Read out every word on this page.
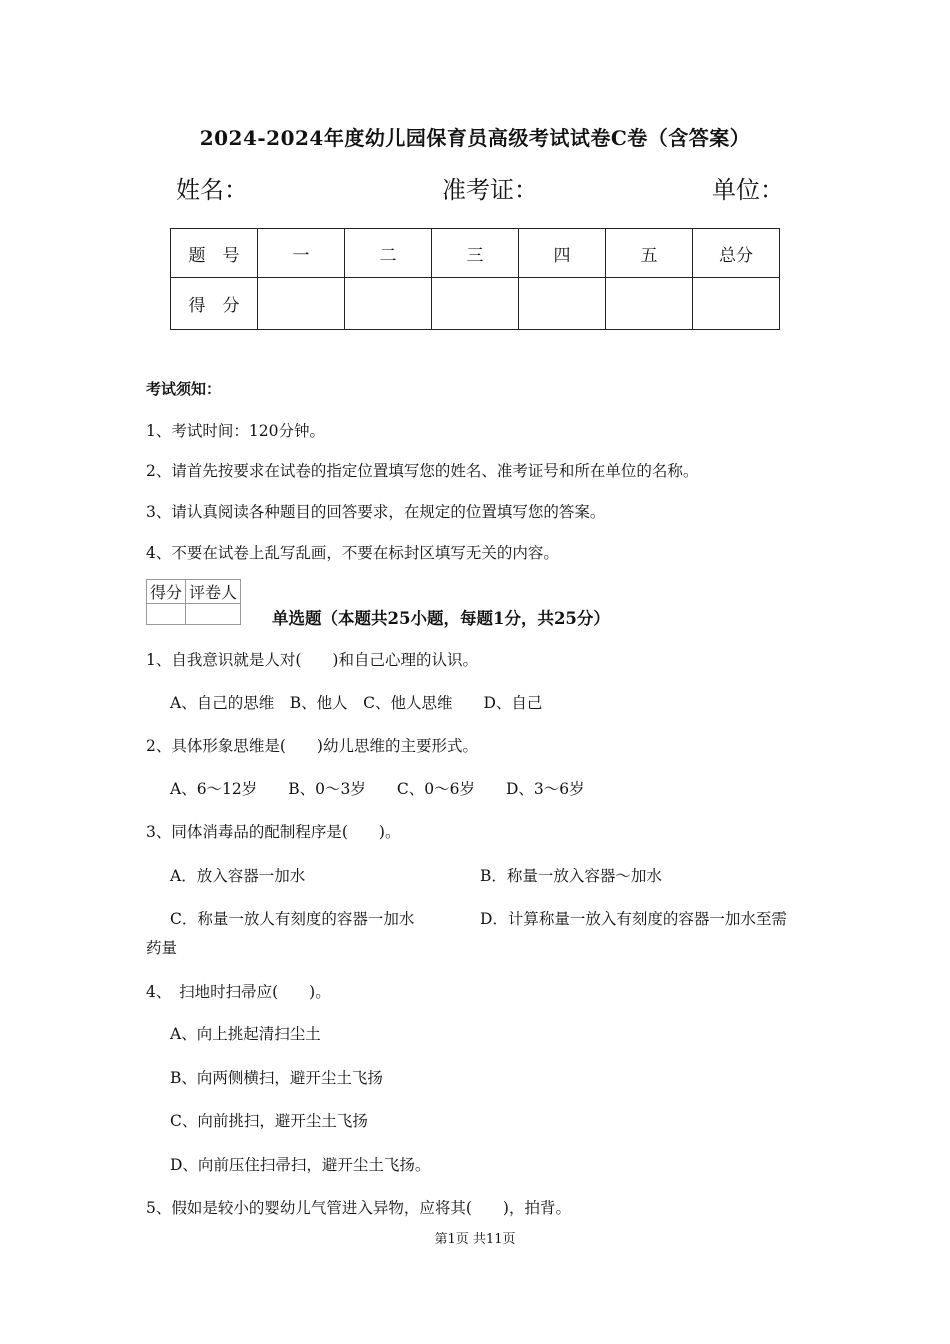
2024-2024年度幼儿园保育员高级考试试卷C卷（含答案）
姓名：	准考证：	单位：
题　号	一	二	三	四	五	总分
得　分						
考试须知：
1、考试时间：120分钟。
2、请首先按要求在试卷的指定位置填写您的姓名、准考证号和所在单位的名称。
3、请认真阅读各种题目的回答要求，在规定的位置填写您的答案。
4、不要在试卷上乱写乱画，不要在标封区填写无关的内容。
得分	评卷人

单选题（本题共25小题，每题1分，共25分）
1、自我意识就是人对(　　)和自己心理的认识。
A、自己的思维　B、他人　C、他人思维　　D、自己
2、具体形象思维是(　　)幼儿思维的主要形式。
A、6～12岁　　B、0～3岁　　C、0～6岁　　D、3～6岁
3、同体消毒品的配制程序是(　　)。
A．放入容器一加水	B．称量一放入容器～加水
C．称量一放人有刻度的容器一加水	D．计算称量一放入有刻度的容器一加水至需
药量
4、　扫地时扫帚应(　　)。
A、向上挑起清扫尘土
B、向两侧横扫，避开尘土飞扬
C、向前挑扫，避开尘土飞扬
D、向前压住扫帚扫，避开尘土飞扬。
5、假如是较小的婴幼儿气管进入异物，应将其(　　)，拍背。
第1页 共11页
